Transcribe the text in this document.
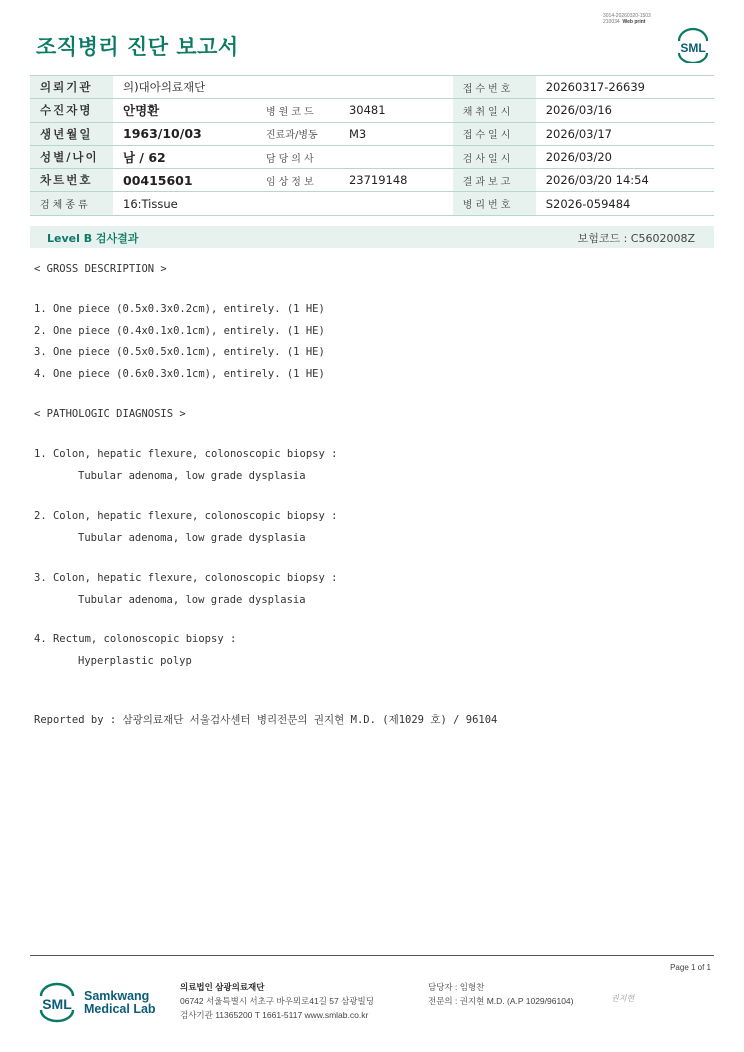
3014-20260320-1503
210034 Web print
조직병리 진단 보고서	SML
의뢰기관	의)대아의료재단			접수번호	20260317-26639
수진자명	안명환	병원코드	30481	채취일시	2026/03/16
생년월일	1963/10/03	진료과/병동	M3	접수일시	2026/03/17
성별/나이	남 / 62	담당의사		검사일시	2026/03/20
차트번호	00415601	임상정보	23719148	결과보고	2026/03/20 14:54
검체종류	16:Tissue			병리번호	S2026-059484
Level B 검사결과	보험코드 : C5602008Z
< GROSS DESCRIPTION >
1. One piece (0.5x0.3x0.2cm), entirely. (1 HE)
2. One piece (0.4x0.1x0.1cm), entirely. (1 HE)
3. One piece (0.5x0.5x0.1cm), entirely. (1 HE)
4. One piece (0.6x0.3x0.1cm), entirely. (1 HE)
< PATHOLOGIC DIAGNOSIS >
1. Colon, hepatic flexure, colonoscopic biopsy :
Tubular adenoma, low grade dysplasia
2. Colon, hepatic flexure, colonoscopic biopsy :
Tubular adenoma, low grade dysplasia
3. Colon, hepatic flexure, colonoscopic biopsy :
Tubular adenoma, low grade dysplasia
4. Rectum, colonoscopic biopsy :
Hyperplastic polyp
Reported by : 삼광의료재단 서울검사센터 병리전문의 권지현 M.D. (제1029 호) / 96104
Page 1 of 1
SML Samkwang
Medical Lab
의료법인 삼광의료재단
06742 서울특별시 서초구 바우뫼로41길 57 삼광빌딩
검사기관 11365200 T 1661-5117 www.smlab.co.kr
담당자 : 임형찬
전문의 : 권지현 M.D. (A.P 1029/96104)	권지현
